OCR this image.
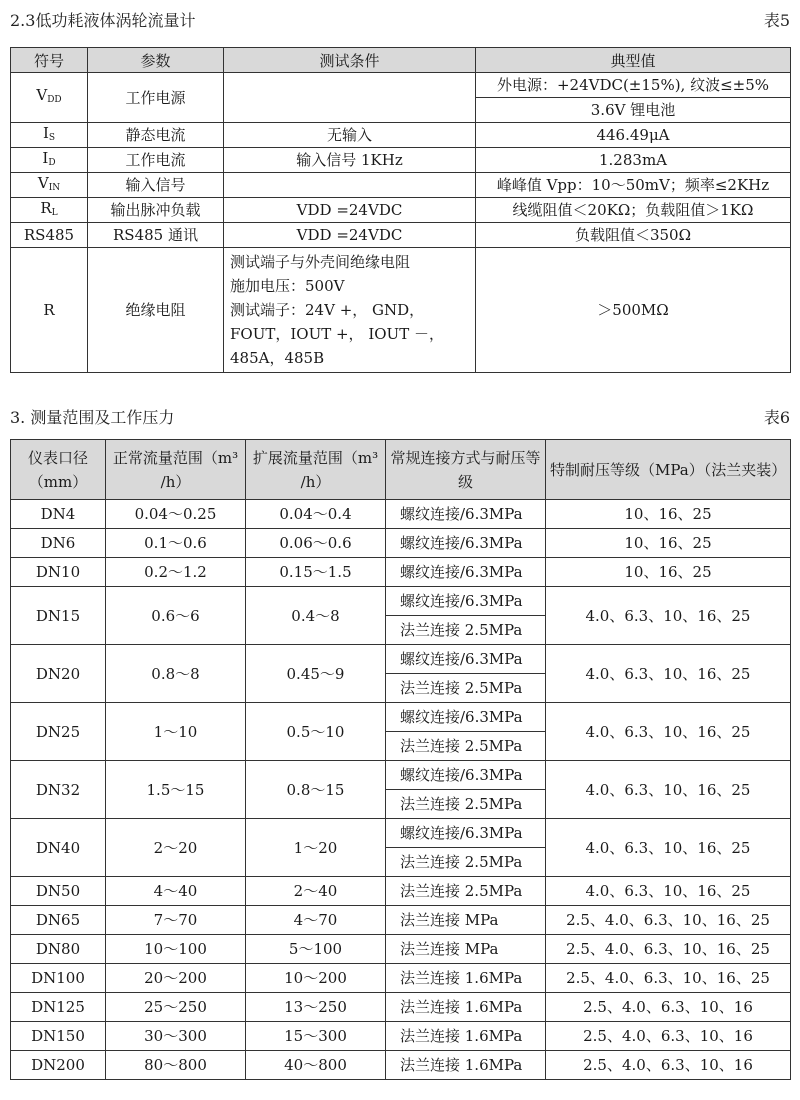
2.3低功耗液体涡轮流量计	表5
符号	参数	测试条件	典型值
$V_{DD}$	工作电源		外电源：+24VDC(±15%), 纹波≤±5%
			3.6V 锂电池
$I_S$	静态电流	无输入	446.49μA
$I_D$	工作电流	输入信号 1KHz	1.283mA
$V_{IN}$	输入信号		峰峰值 Vpp：10～50mV；频率≤2KHz
$R_L$	输出脉冲负载	VDD =24VDC	线缆阻值＜20KΩ；负载阻值＞1KΩ
RS485	RS485 通讯	VDD =24VDC	负载阻值＜350Ω
R	绝缘电阻	测试端子与外壳间绝缘电阻
施加电压：500V
测试端子：24V +， GND，
FOUT，IOUT +， IOUT －，
485A，485B	＞500MΩ
3. 测量范围及工作压力	表6
仪表口径（mm）	正常流量范围（m³ /h）	扩展流量范围（m³ /h）	常规连接方式与耐压等级	特制耐压等级（MPa）（法兰夹装）
DN4	0.04～0.25	0.04～0.4	螺纹连接/6.3MPa	10、16、25
DN6	0.1～0.6	0.06～0.6	螺纹连接/6.3MPa	10、16、25
DN10	0.2～1.2	0.15～1.5	螺纹连接/6.3MPa	10、16、25
DN15	0.6～6	0.4～8	螺纹连接/6.3MPa	4.0、6.3、10、16、25
			法兰连接 2.5MPa	
DN20	0.8～8	0.45～9	螺纹连接/6.3MPa	4.0、6.3、10、16、25
			法兰连接 2.5MPa	
DN25	1～10	0.5～10	螺纹连接/6.3MPa	4.0、6.3、10、16、25
			法兰连接 2.5MPa	
DN32	1.5～15	0.8～15	螺纹连接/6.3MPa	4.0、6.3、10、16、25
			法兰连接 2.5MPa	
DN40	2～20	1～20	螺纹连接/6.3MPa	4.0、6.3、10、16、25
			法兰连接 2.5MPa	
DN50	4～40	2～40	法兰连接 2.5MPa	4.0、6.3、10、16、25
DN65	7～70	4～70	法兰连接 MPa	2.5、4.0、6.3、10、16、25
DN80	10～100	5～100	法兰连接 MPa	2.5、4.0、6.3、10、16、25
DN100	20～200	10～200	法兰连接 1.6MPa	2.5、4.0、6.3、10、16、25
DN125	25～250	13～250	法兰连接 1.6MPa	2.5、4.0、6.3、10、16
DN150	30～300	15～300	法兰连接 1.6MPa	2.5、4.0、6.3、10、16
DN200	80～800	40～800	法兰连接 1.6MPa	2.5、4.0、6.3、10、16
